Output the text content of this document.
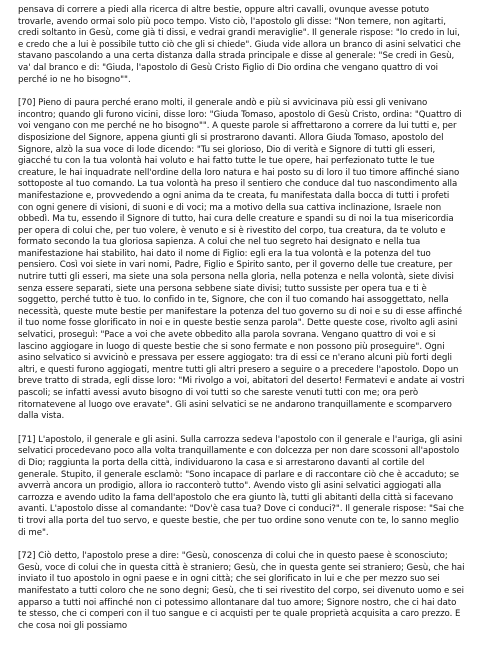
pensava di correre a piedi alla ricerca di altre bestie, oppure altri cavalli, ovunque avesse potuto trovarle, avendo ormai solo più poco tempo. Visto ciò, l'apostolo gli disse: "Non temere, non agitarti, credi soltanto in Gesù, come già ti dissi, e vedrai grandi meraviglie". Il generale rispose: "Io credo in lui, e credo che a lui è possibile tutto ciò che gli si chiede". Giuda vide allora un branco di asini selvatici che stavano pascolando a una certa distanza dalla strada principale e disse al generale: "Se credi in Gesù, va' dal branco e di: "Giuda, l'apostolo di Gesù Cristo Figlio di Dio ordina che vengano quattro di voi perché io ne ho bisogno"".

[70] Pieno di paura perché erano molti, il generale andò e più si avvicinava più essi gli venivano incontro; quando gli furono vicini, disse loro: "Giuda Tomaso, apostolo di Gesù Cristo, ordina: "Quattro di voi vengano con me perché ne ho bisogno"". A queste parole si affrettarono a correre da lui tutti e, per disposizione del Signore, appena giunti gli si prostrarono davanti. Allora Giuda Tomaso, apostolo del Signore, alzò la sua voce di lode dicendo: "Tu sei glorioso, Dio di verità e Signore di tutti gli esseri, giacché tu con la tua volontà hai voluto e hai fatto tutte le tue opere, hai perfezionato tutte le tue creature, le hai inquadrate nell'ordine della loro natura e hai posto su di loro il tuo timore affinché siano sottoposte al tuo comando. La tua volontà ha preso il sentiero che conduce dal tuo nascondimento alla manifestazione e, provvedendo a ogni anima da te creata, fu manifestata dalla bocca di tutti i profeti con ogni genere di visioni, di suoni e di voci; ma a motivo della sua cattiva inclinazione, Israele non obbedì. Ma tu, essendo il Signore di tutto, hai cura delle creature e spandi su di noi la tua misericordia per opera di colui che, per tuo volere, è venuto e si è rivestito del corpo, tua creatura, da te voluto e formato secondo la tua gloriosa sapienza. A colui che nel tuo segreto hai designato e nella tua manifestazione hai stabilito, hai dato il nome di Figlio: egli era la tua volontà e la potenza del tuo pensiero. Così voi siete in vari nomi, Padre, Figlio e Spirito santo, per il governo delle tue creature, per nutrire tutti gli esseri, ma siete una sola persona nella gloria, nella potenza e nella volontà, siete divisi senza essere separati, siete una persona sebbene siate divisi; tutto sussiste per opera tua e ti è soggetto, perché tutto è tuo. Io confido in te, Signore, che con il tuo comando hai assoggettato, nella necessità, queste mute bestie per manifestare la potenza del tuo governo su di noi e su di esse affinché il tuo nome fosse glorificato in noi e in queste bestie senza parola". Dette queste cose, rivolto agli asini selvatici, proseguì: "Pace a voi che avete obbedito alla parola sovrana. Vengano quattro di voi e si lascino aggiogare in luogo di queste bestie che si sono fermate e non possono più proseguire". Ogni asino selvatico si avvicinò e pressava per essere aggiogato: tra di essi ce n'erano alcuni più forti degli altri, e questi furono aggiogati, mentre tutti gli altri presero a seguire o a precedere l'apostolo. Dopo un breve tratto di strada, egli disse loro: "Mi rivolgo a voi, abitatori del deserto! Fermatevi e andate ai vostri pascoli; se infatti avessi avuto bisogno di voi tutti so che sareste venuti tutti con me; ora però ritornatevene al luogo ove eravate". Gli asini selvatici se ne andarono tranquillamente e scomparvero dalla vista.

[71] L'apostolo, il generale e gli asini. Sulla carrozza sedeva l'apostolo con il generale e l'auriga, gli asini selvatici procedevano poco alla volta tranquillamente e con dolcezza per non dare scossoni all'apostolo di Dio; raggiunta la porta della città, individuarono la casa e si arrestarono davanti al cortile del generale. Stupito, il generale esclamò: "Sono incapace di parlare e di raccontare ciò che è accaduto; se avverrà ancora un prodigio, allora io racconterò tutto". Avendo visto gli asini selvatici aggiogati alla carrozza e avendo udito la fama dell'apostolo che era giunto là, tutti gli abitanti della città si facevano avanti. L'apostolo disse al comandante: "Dov'è casa tua? Dove ci conduci?". Il generale rispose: "Sai che ti trovi alla porta del tuo servo, e queste bestie, che per tuo ordine sono venute con te, lo sanno meglio di me".

[72] Ciò detto, l'apostolo prese a dire: "Gesù, conoscenza di colui che in questo paese è sconosciuto; Gesù, voce di colui che in questa città è straniero; Gesù, che in questa gente sei straniero; Gesù, che hai inviato il tuo apostolo in ogni paese e in ogni città; che sei glorificato in lui e che per mezzo suo sei manifestato a tutti coloro che ne sono degni; Gesù, che ti sei rivestito del corpo, sei divenuto uomo e sei apparso a tutti noi affinché non ci potessimo allontanare dal tuo amore; Signore nostro, che ci hai dato te stesso, che ci comperi con il tuo sangue e ci acquisti per te quale proprietà acquisita a caro prezzo. E che cosa noi gli possiamo
